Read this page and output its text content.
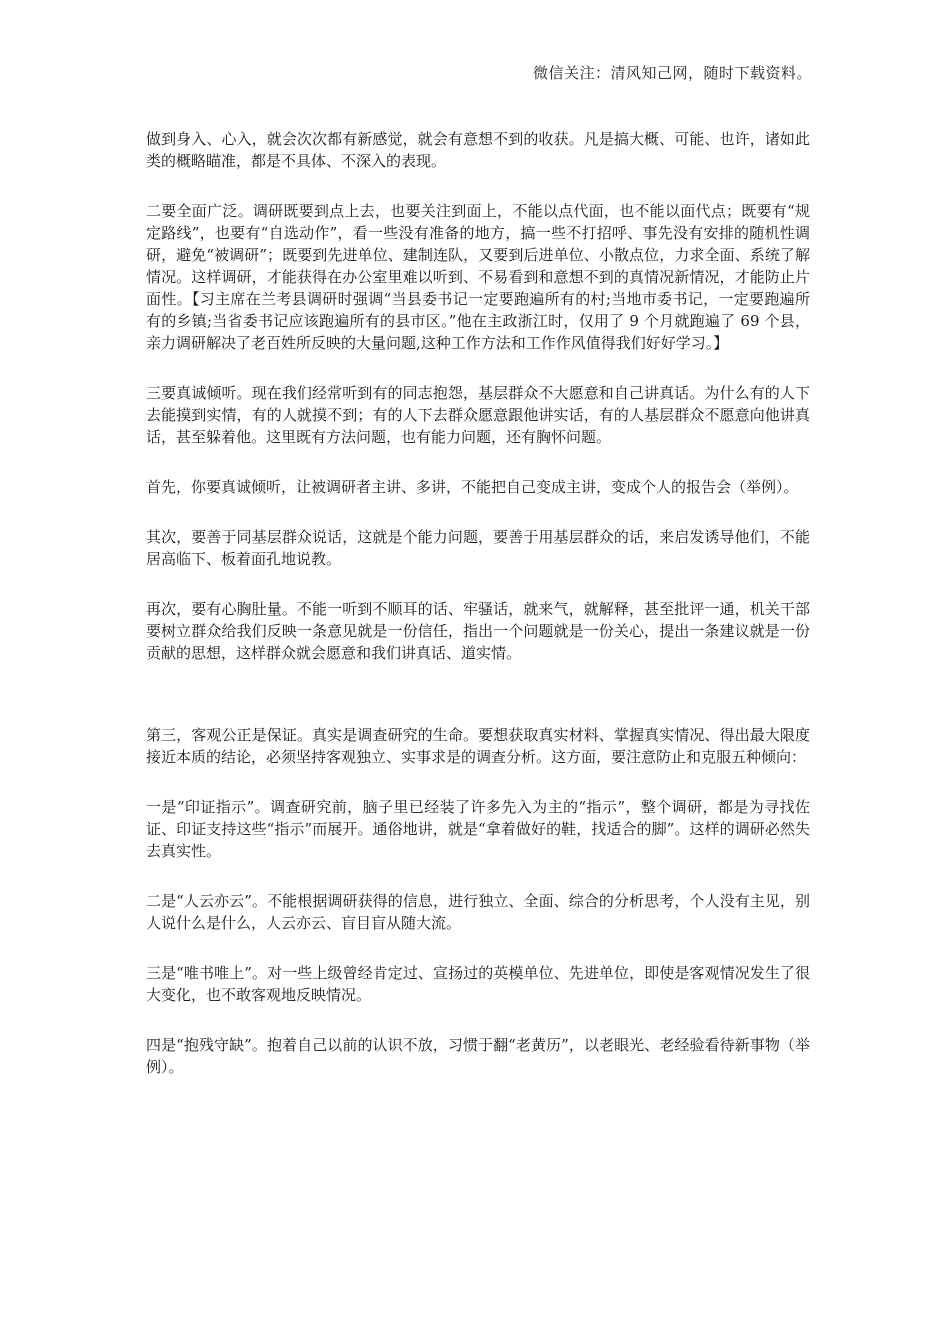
微信关注：清风知己网，随时下载资料。

做到身入、心入，就会次次都有新感觉，就会有意想不到的收获。凡是搞大概、可能、也许，诸如此类的概略瞄准，都是不具体、不深入的表现。

二要全面广泛。调研既要到点上去，也要关注到面上，不能以点代面，也不能以面代点；既要有“规定路线”，也要有“自选动作”，看一些没有准备的地方，搞一些不打招呼、事先没有安排的随机性调研，避免“被调研”；既要到先进单位、建制连队，又要到后进单位、小散点位，力求全面、系统了解情况。这样调研，才能获得在办公室里难以听到、不易看到和意想不到的真情况新情况，才能防止片面性。【习主席在兰考县调研时强调“当县委书记一定要跑遍所有的村;当地市委书记，一定要跑遍所有的乡镇;当省委书记应该跑遍所有的县市区。”他在主政浙江时，仅用了 9 个月就跑遍了 69 个县，亲力调研解决了老百姓所反映的大量问题,这种工作方法和工作作风值得我们好好学习。】

三要真诚倾听。现在我们经常听到有的同志抱怨，基层群众不大愿意和自己讲真话。为什么有的人下去能摸到实情，有的人就摸不到；有的人下去群众愿意跟他讲实话，有的人基层群众不愿意向他讲真话，甚至躲着他。这里既有方法问题，也有能力问题，还有胸怀问题。

首先，你要真诚倾听，让被调研者主讲、多讲，不能把自己变成主讲，变成个人的报告会（举例）。

其次，要善于同基层群众说话，这就是个能力问题，要善于用基层群众的话，来启发诱导他们，不能居高临下、板着面孔地说教。

再次，要有心胸肚量。不能一听到不顺耳的话、牢骚话，就来气，就解释，甚至批评一通，机关干部要树立群众给我们反映一条意见就是一份信任，指出一个问题就是一份关心，提出一条建议就是一份贡献的思想，这样群众就会愿意和我们讲真话、道实情。

第三，客观公正是保证。真实是调查研究的生命。要想获取真实材料、掌握真实情况、得出最大限度接近本质的结论，必须坚持客观独立、实事求是的调查分析。这方面，要注意防止和克服五种倾向：

一是“印证指示”。调查研究前，脑子里已经装了许多先入为主的“指示”，整个调研，都是为寻找佐证、印证支持这些“指示”而展开。通俗地讲，就是“拿着做好的鞋，找适合的脚”。这样的调研必然失去真实性。

二是“人云亦云”。不能根据调研获得的信息，进行独立、全面、综合的分析思考，个人没有主见，别人说什么是什么，人云亦云、盲目盲从随大流。

三是“唯书唯上”。对一些上级曾经肯定过、宣扬过的英模单位、先进单位，即使是客观情况发生了很大变化，也不敢客观地反映情况。

四是“抱残守缺”。抱着自己以前的认识不放，习惯于翻“老黄历”，以老眼光、老经验看待新事物（举例）。
